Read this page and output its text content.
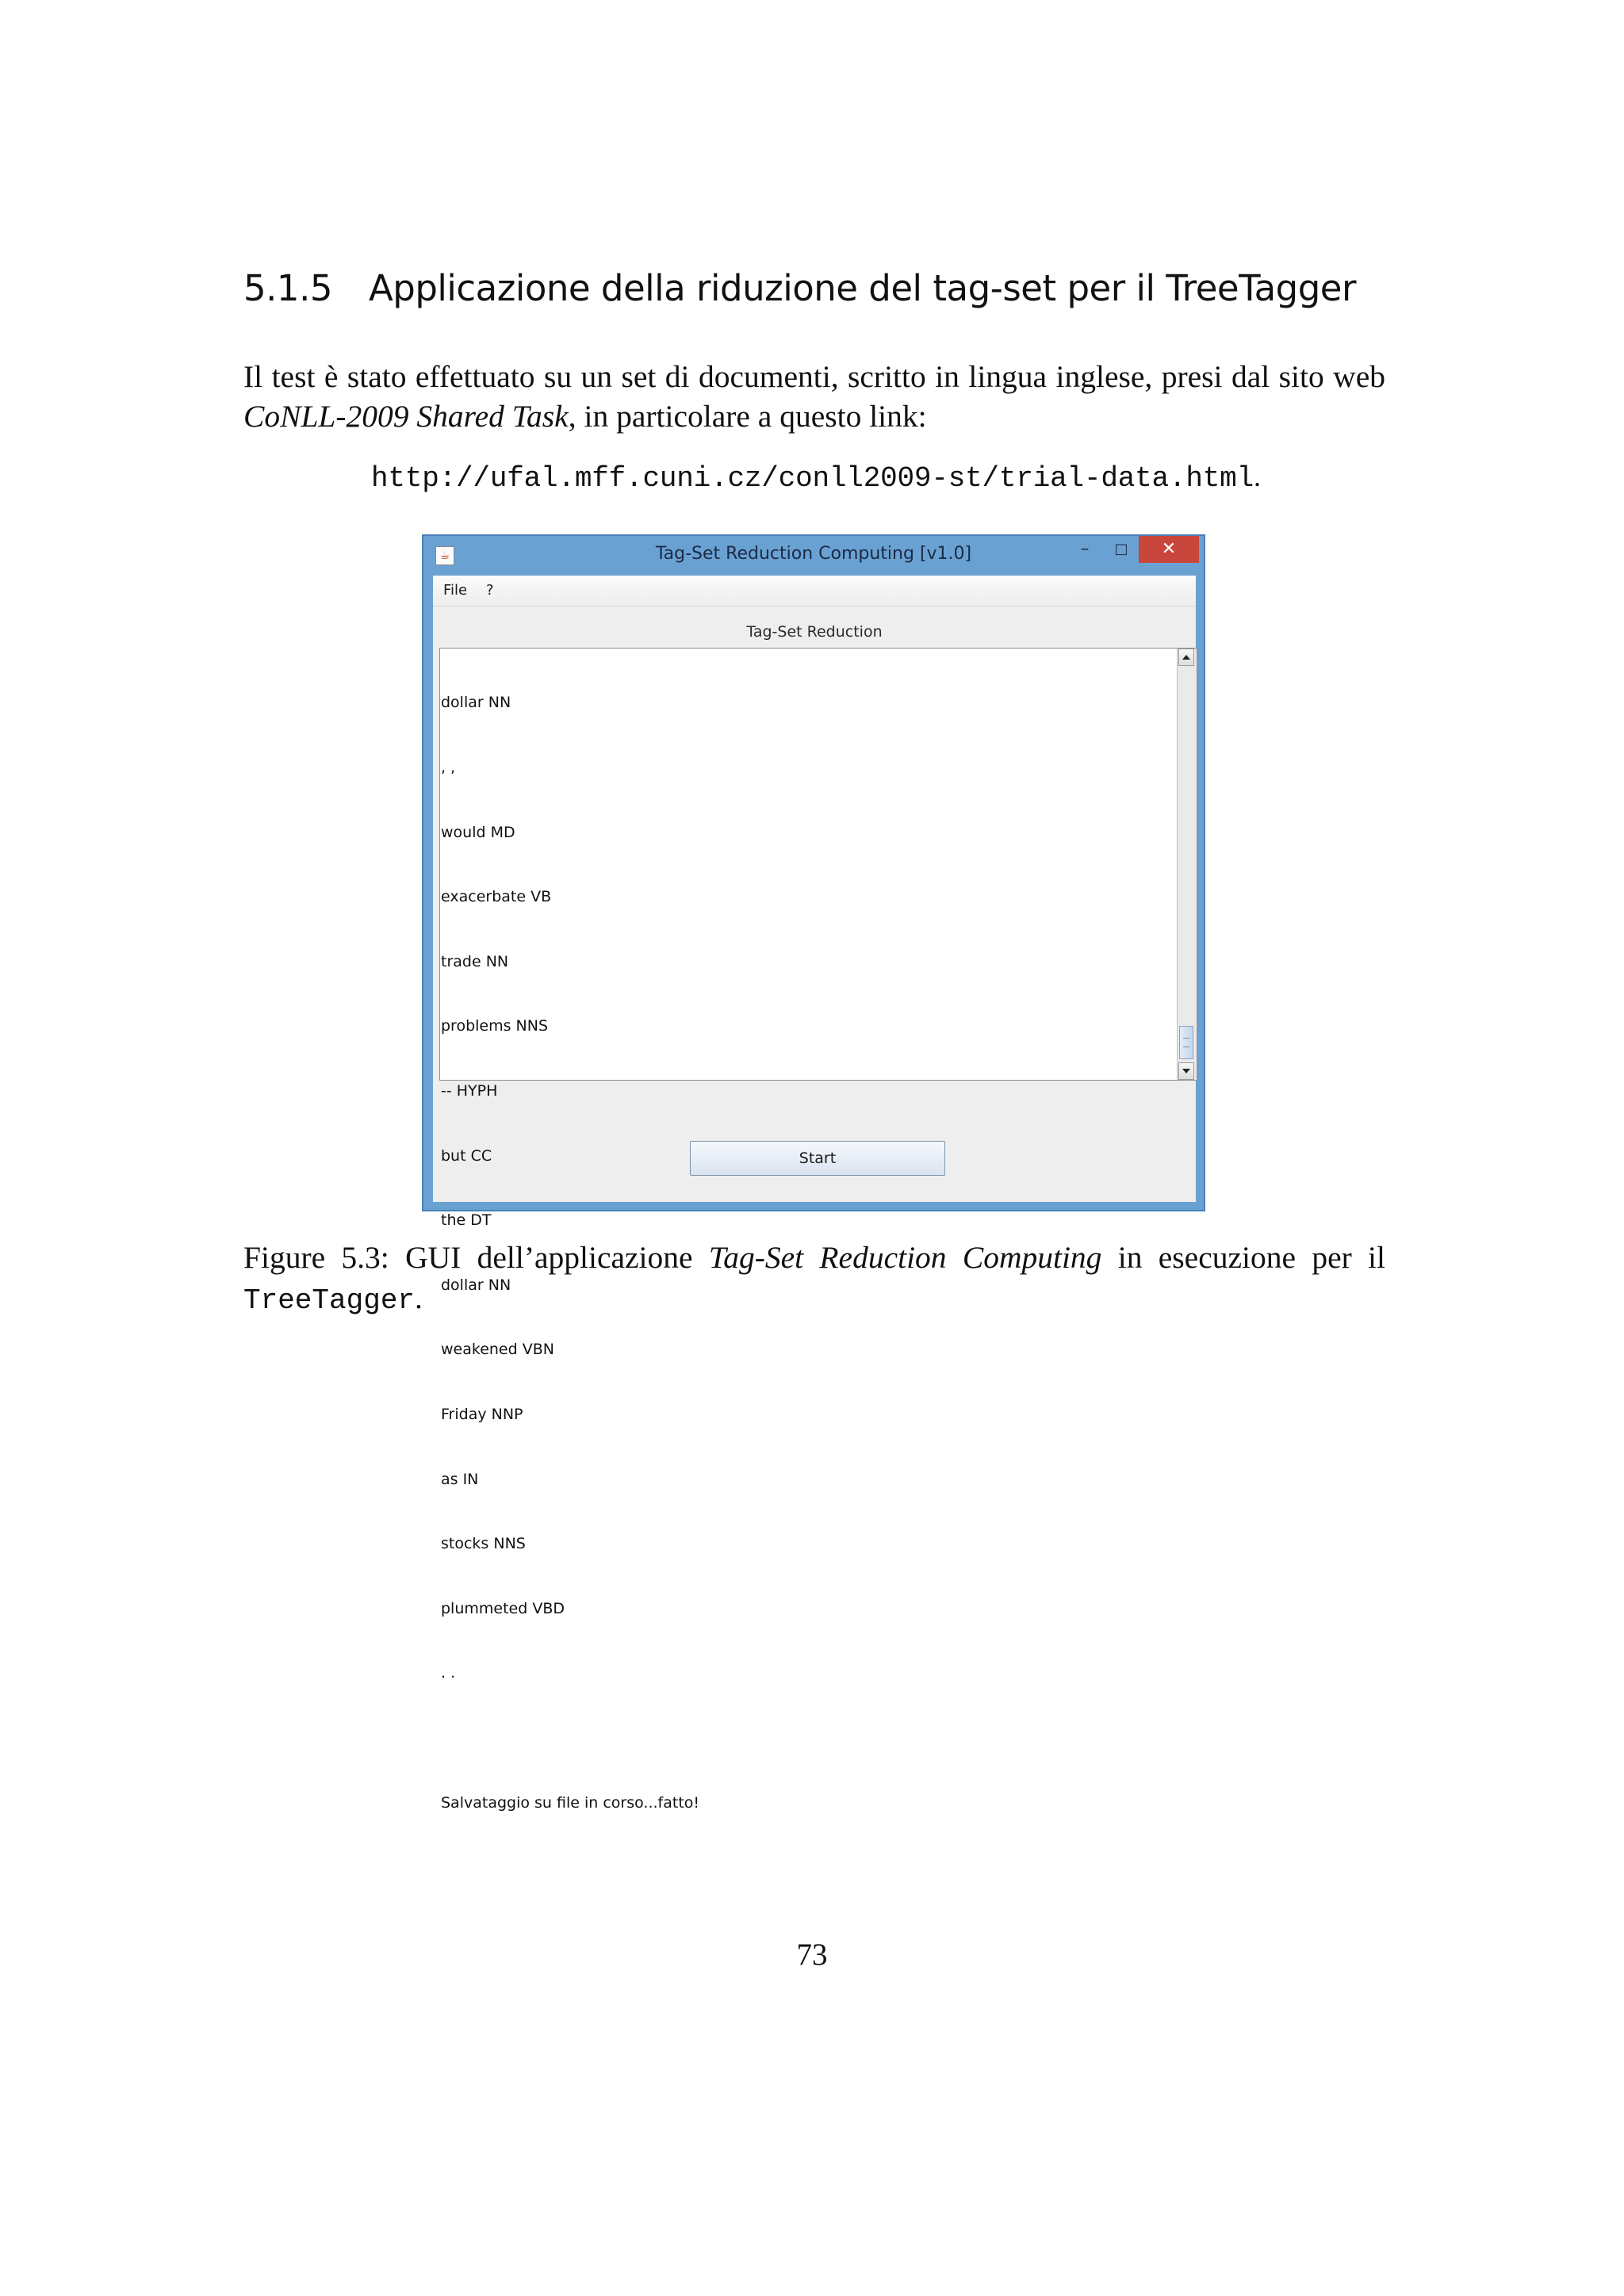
5.1.5 Applicazione della riduzione del tag-set per il TreeTagger

Il test è stato effettuato su un set di documenti, scritto in lingua inglese, presi dal sito web CoNLL-2009 Shared Task, in particolare a questo link:

http://ufal.mff.cuni.cz/conll2009-st/trial-data.html.

☕	Tag-Set Reduction Computing [v1.0]	–	□	✕
File ?
Tag-Set Reduction

dollar NN

, ,

would MD

exacerbate VB

trade NN

problems NNS

-- HYPH

but CC

the DT

dollar NN

weakened VBN

Friday NNP

as IN

stocks NNS

plummeted VBD

. .

Salvataggio su file in corso...fatto!

Start

Figure 5.3: GUI dell’applicazione Tag-Set Reduction Computing in esecuzione per il TreeTagger.

73
